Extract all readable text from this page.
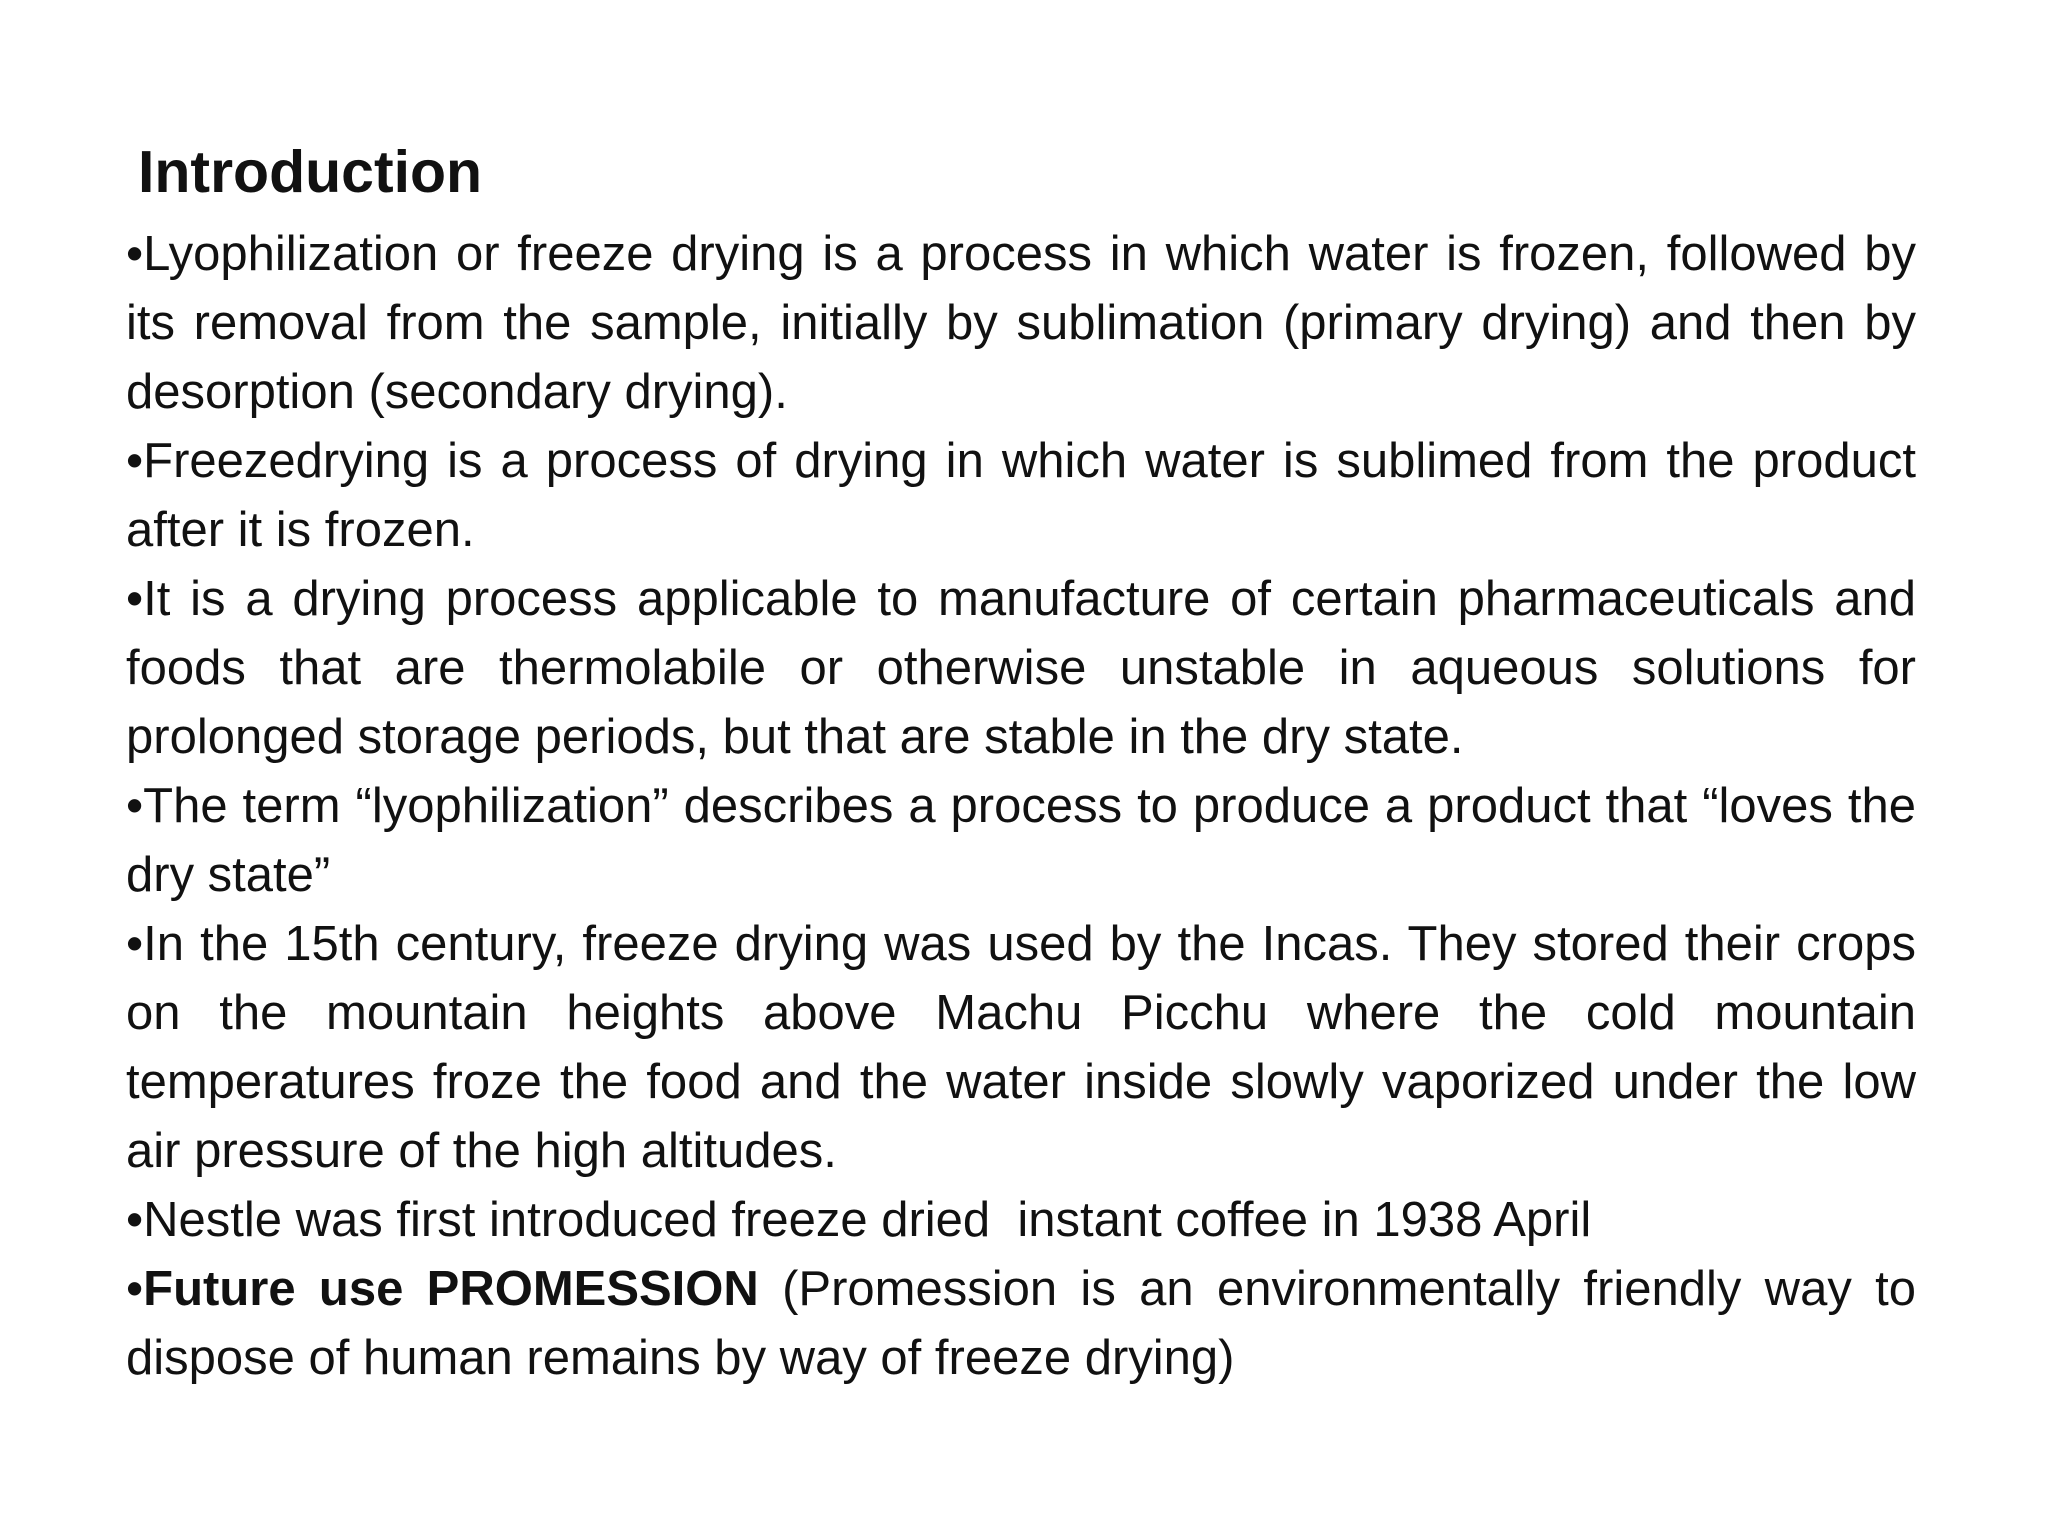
Introduction

•Lyophilization or freeze drying is a process in which water is frozen, followed by its removal from the sample, initially by sublimation (primary drying) and then by desorption (secondary drying).

•Freezedrying is a process of drying in which water is sublimed from the product after it is frozen.

•It is a drying process applicable to manufacture of certain pharmaceuticals and foods that are thermolabile or otherwise unstable in aqueous solutions for prolonged storage periods, but that are stable in the dry state.

•The term “lyophilization” describes a process to produce a product that “loves the dry state”

•In the 15th century, freeze drying was used by the Incas. They stored their crops on the mountain heights above Machu Picchu where the cold mountain temperatures froze the food and the water inside slowly vaporized under the low air pressure of the high altitudes.

•Nestle was first introduced freeze dried  instant coffee in 1938 April

•Future use PROMESSION (Promession is an environmentally friendly way to dispose of human remains by way of freeze drying)
